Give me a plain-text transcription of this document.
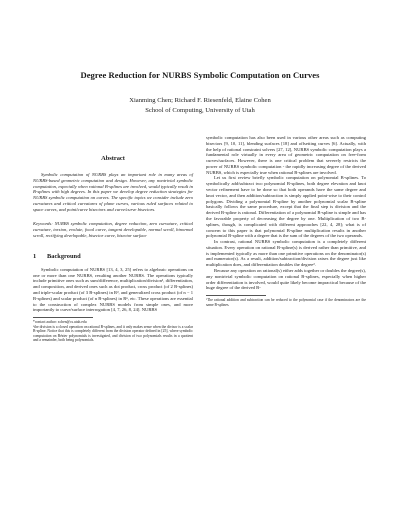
Degree Reduction for NURBS Symbolic Computation on Curves
Xianming Chen; Richard F. Riesenfeld, Elaine Cohen
School of Computing, University of Utah
Abstract

Symbolic computation of NURBS plays an important role in many areas of NURBS-based geometric computation and design. However, any nontrivial symbolic computation, especially when rational B-splines are involved, would typically result in B-splines with high degrees. In this paper we develop degree reduction strategies for NURBS symbolic computation on curves. The specific topics we consider include zero curvatures and critical curvatures of plane curves, various ruled surfaces related to space curves, and point/curve bisectors and curve/curve bisectors.

Keywords: NURBS symbolic computation, degree reduction, zero curvature, critical curvature, torsion, evolute, focal curve, tangent developable, normal scroll, binormal scroll, rectifying developable, bisector curve, bisector surface

1 Background

Symbolic computation of NURBS [13, 4, 3, 25] refers to algebraic operations on one or more than one NURBS, resulting another NURBS. The operations typically include primitive ones such as sum/difference, multiplication/division¹, differentiation, and composition, and derived ones such as dot product, cross product (of 2 B-splines) and triple-scalar product (of 3 B-splines) in R³, and generalized cross product (of n − 1 B-splines) and scalar product (of n B-splines) in Rⁿ, etc. These operations are essential to the construction of complex NURBS models from simple ones, and more importantly to curve/surface interrogation [4, 7, 26, 8, 24]. NURBS

*contact author: xchen@cs.utah.edu

¹the division is a closed operation on rational B-splines, and it only makes sense when the divisor is a scalar B-spline. Notice that this is completely different from the division operator defined in [25], where symbolic computation on Bézier polynomials is investigated, and division of two polynomials results in a quotient and a remainder, both being polynomials.

symbolic computation has also been used in various other areas such as computing bisectors [9, 10, 11], blending surfaces [18] and offsetting curves [6]. Actually, with the help of rational constraint solvers [27, 12], NURBS symbolic computation plays a fundamental role virtually in every area of geometric computation on free-form curves/surfaces. However, there is one critical problem that severely restricts the power of NURBS symbolic computation - the rapidly increasing degree of the derived NURBS, which is especially true when rational B-splines are involved.

Let us first review briefly symbolic computation on polynomial B-splines. To symbolically add/subtract two polynomial B-splines, both degree elevation and knot vector refinement have to be done so that both operands have the same degree and knot vector, and then addition/subtraction is simply applied point-wise to their control polygons. Dividing a polynomial B-spline by another polynomial scalar B-spline basically follows the same procedure, except that the final step is division and the derived B-spline is rational. Differentiation of a polynomial B-spline is simple and has the favorable property of decreasing the degree by one. Multiplication of two B-splines, though, is complicated with different approaches [22, 4, 28]; what is of concern to this paper is that polynomial B-spline multiplication results in another polynomial B-spline with a degree that is the sum of the degrees of the two operands.

In contrast, rational NURBS symbolic computation is a completely different situation. Every operation on rational B-spline(s) is derived rather than primitive, and is implemented typically as more than one primitive operations on the denominator(s) and numerator(s). As a result, addition/subtraction/division raises the degree just like multiplication does, and differentiation doubles the degree².

Because any operation on rational(s) either adds together or doubles the degree(s), any nontrivial symbolic computation on rational B-splines, especially when higher order differentiation is involved, would quite likely become impractical because of the huge degree of the derived B-

²The rational addition and subtraction can be reduced to the polynomial case if the denominators are the same B-splines.
